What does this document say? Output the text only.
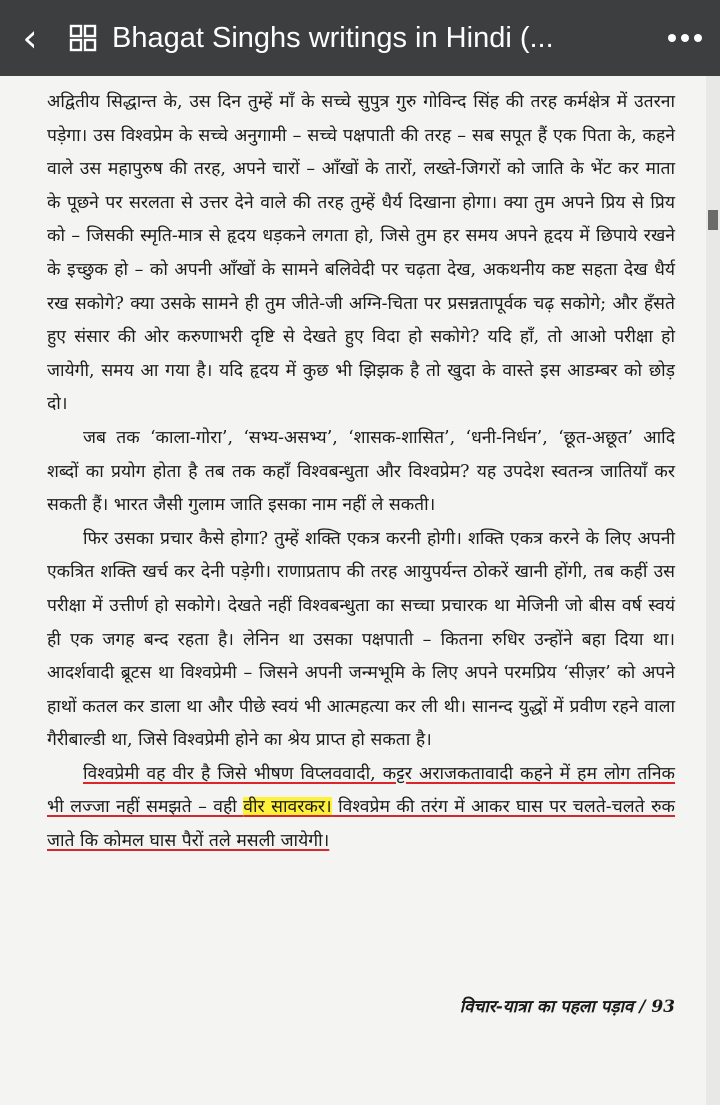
‹	Bhagat Singhs writings in Hindi (...

अद्वितीय सिद्धान्त के, उस दिन तुम्हें माँ के सच्चे सुपुत्र गुरु गोविन्द सिंह की तरह कर्मक्षेत्र में उतरना पड़ेगा। उस विश्वप्रेम के सच्चे अनुगामी – सच्चे पक्षपाती की तरह – सब सपूत हैं एक पिता के, कहने वाले उस महापुरुष की तरह, अपने चारों – आँखों के तारों, लख्ते-जिगरों को जाति के भेंट कर माता के पूछने पर सरलता से उत्तर देने वाले की तरह तुम्हें धैर्य दिखाना होगा। क्या तुम अपने प्रिय से प्रिय को – जिसकी स्मृति-मात्र से हृदय धड़कने लगता हो, जिसे तुम हर समय अपने हृदय में छिपाये रखने के इच्छुक हो – को अपनी आँखों के सामने बलिवेदी पर चढ़ता देख, अकथनीय कष्ट सहता देख धैर्य रख सकोगे? क्या उसके सामने ही तुम जीते-जी अग्नि-चिता पर प्रसन्नतापूर्वक चढ़ सकोगे; और हँसते हुए संसार की ओर करुणाभरी दृष्टि से देखते हुए विदा हो सकोगे? यदि हाँ, तो आओ परीक्षा हो जायेगी, समय आ गया है। यदि हृदय में कुछ भी झिझक है तो खुदा के वास्ते इस आडम्बर को छोड़ दो।

जब तक ‘काला-गोरा’, ‘सभ्य-असभ्य’, ‘शासक-शासित’, ‘धनी-निर्धन’, ‘छूत-अछूत’ आदि शब्दों का प्रयोग होता है तब तक कहाँ विश्वबन्धुता और विश्वप्रेम? यह उपदेश स्वतन्त्र जातियाँ कर सकती हैं। भारत जैसी गुलाम जाति इसका नाम नहीं ले सकती।

फिर उसका प्रचार कैसे होगा? तुम्हें शक्ति एकत्र करनी होगी। शक्ति एकत्र करने के लिए अपनी एकत्रित शक्ति खर्च कर देनी पड़ेगी। राणाप्रताप की तरह आयुपर्यन्त ठोकरें खानी होंगी, तब कहीं उस परीक्षा में उत्तीर्ण हो सकोगे। देखते नहीं विश्वबन्धुता का सच्चा प्रचारक था मेजिनी जो बीस वर्ष स्वयं ही एक जगह बन्द रहता है। लेनिन था उसका पक्षपाती – कितना रुधिर उन्होंने बहा दिया था। आदर्शवादी ब्रूटस था विश्वप्रेमी – जिसने अपनी जन्मभूमि के लिए अपने परमप्रिय ‘सीज़र’ को अपने हाथों कतल कर डाला था और पीछे स्वयं भी आत्महत्या कर ली थी। सानन्द युद्धों में प्रवीण रहने वाला गैरीबाल्डी था, जिसे विश्वप्रेमी होने का श्रेय प्राप्त हो सकता है।

विश्वप्रेमी वह वीर है जिसे भीषण विप्लववादी, कट्टर अराजकतावादी कहने में हम लोग तनिक भी लज्जा नहीं समझते – वही वीर सावरकर। विश्वप्रेम की तरंग में आकर घास पर चलते-चलते रुक जाते कि कोमल घास पैरों तले मसली जायेगी।

विचार-यात्रा का पहला पड़ाव / 93
